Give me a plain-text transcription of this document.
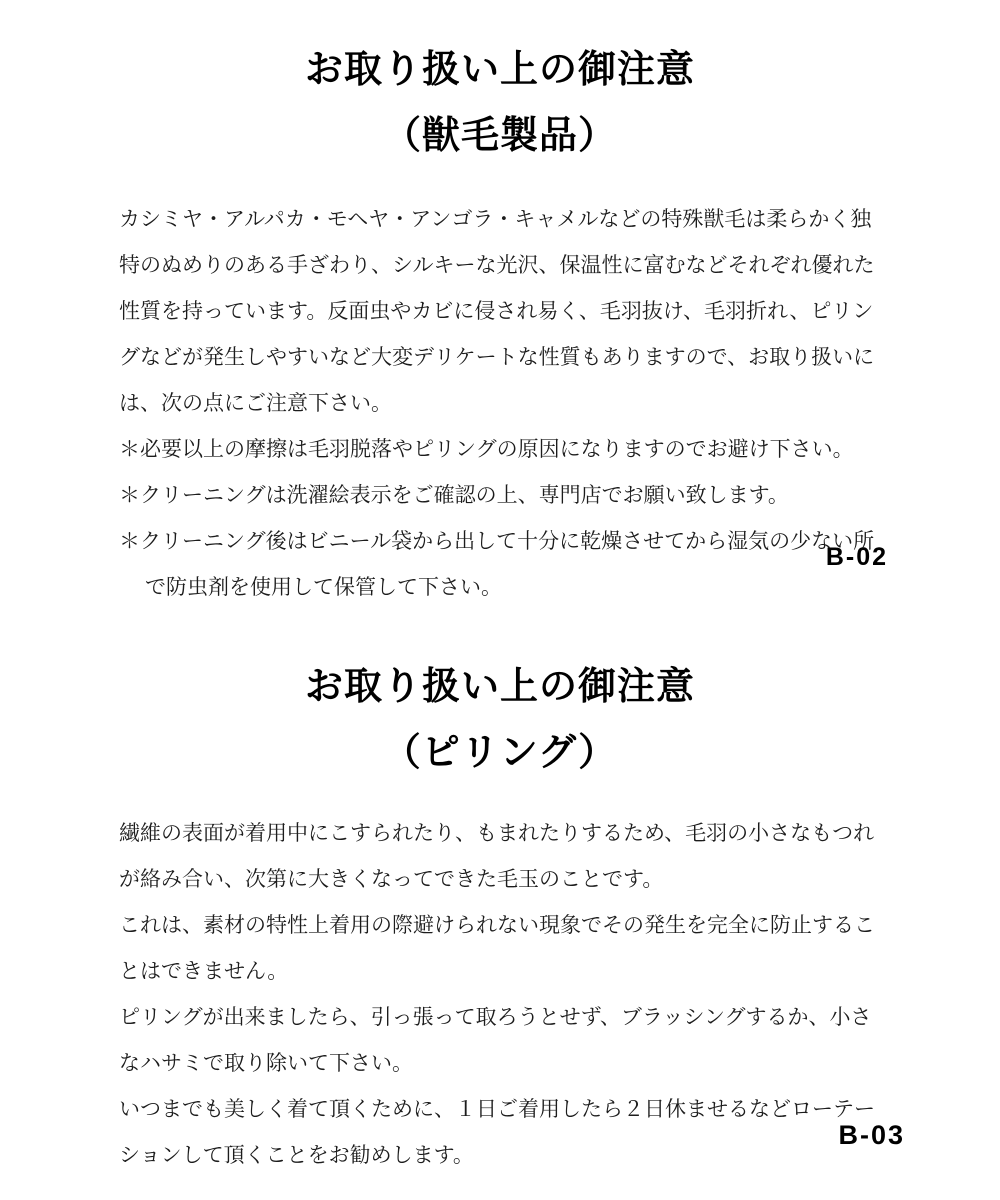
お取り扱い上の御注意
（獣毛製品）

カシミヤ・アルパカ・モヘヤ・アンゴラ・キャメルなどの特殊獣毛は柔らかく独特のぬめりのある手ざわり、シルキーな光沢、保温性に富むなどそれぞれ優れた性質を持っています。反面虫やカビに侵され易く、毛羽抜け、毛羽折れ、ピリングなどが発生しやすいなど大変デリケートな性質もありますので、お取り扱いには、次の点にご注意下さい。

＊必要以上の摩擦は毛羽脱落やピリングの原因になりますのでお避け下さい。
＊クリーニングは洗濯絵表示をご確認の上、専門店でお願い致します。
＊クリーニング後はビニール袋から出して十分に乾燥させてから湿気の少ない所で防虫剤を使用して保管して下さい。
お取り扱い上の御注意
（ピリング）

繊維の表面が着用中にこすられたり、もまれたりするため、毛羽の小さなもつれが絡み合い、次第に大きくなってできた毛玉のことです。

これは、素材の特性上着用の際避けられない現象でその発生を完全に防止することはできません。

ピリングが出来ましたら、引っ張って取ろうとせず、ブラッシングするか、小さなハサミで取り除いて下さい。

いつまでも美しく着て頂くために、１日ご着用したら２日休ませるなどローテーションして頂くことをお勧めします。

B-02
B-03
